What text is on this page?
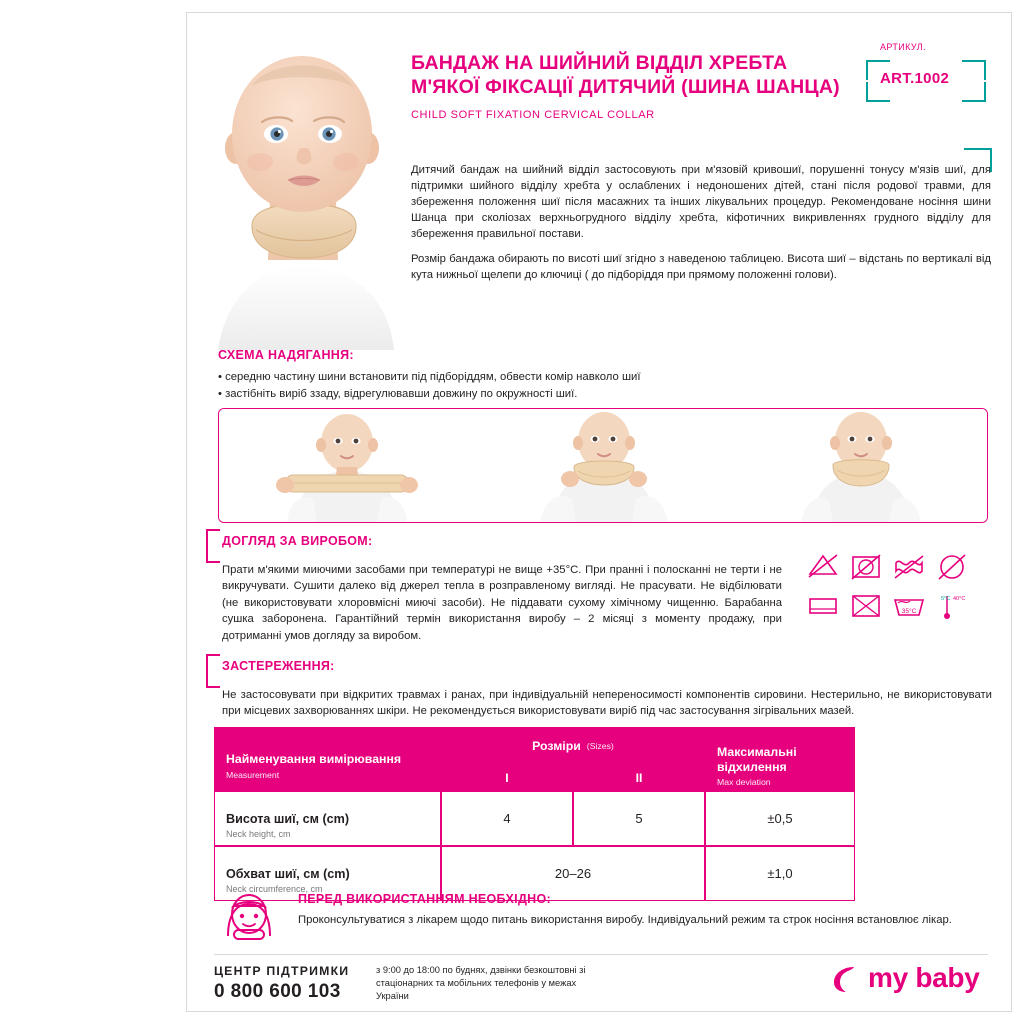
БАНДАЖ НА ШИЙНИЙ ВІДДІЛ ХРЕБТА М'ЯКОЇ ФІКСАЦІЇ ДИТЯЧИЙ (ШИНА ШАНЦА)
CHILD SOFT FIXATION CERVICAL COLLAR
АРТИКУЛ.
ART.1002

Дитячий бандаж на шийний відділ застосовують при м'язовій кривошиї, порушенні тонусу м'язів шиї, для підтримки шийного відділу хребта у ослаблених і недоношених дітей, стані після родової травми, для збереження положення шиї після масажних та інших лікувальних процедур. Рекомендоване носіння шини Шанца при сколіозах верхньогрудного відділу хребта, кіфотичних викривленнях грудного відділу для збереження правильної постави.

Розмір бандажа обирають по висоті шиї згідно з наведеною таблицею. Висота шиї – відстань по вертикалі від кута нижньої щелепи до ключиці ( до підборіддя при прямому положенні голови).

СХЕМА НАДЯГАННЯ:
• середню частину шини встановити під підборіддям, обвести комір навколо шиї
• застібніть виріб ззаду, відрегулювавши довжину по окружності шиї.
ДОГЛЯД ЗА ВИРОБОМ:
Прати м'якими миючими засобами при температурі не вище +35°С. При пранні і полосканні не терти і не викручувати. Сушити далеко від джерел тепла в розправленому вигляді. Не прасувати. Не відбілювати (не використовувати хлоровмісні миючі засоби). Не піддавати сухому хімічному чищенню. Барабанна сушка заборонена. Гарантійний термін використання виробу – 2 місяці з моменту продажу, при дотриманні умов догляду за виробом.
35°С
5°С 40°С
ЗАСТЕРЕЖЕННЯ:
Не застосовувати при відкритих травмах і ранах, при індивідуальній непереносимості компонентів сировини. Нестерильно, не використовувати при місцевих захворюваннях шкіри. Не рекомендується використовувати виріб під час застосування зігрівальних мазей.
Найменування вимірювання
Measurement
Розміри (Sizes)
I	II
Максимальні відхилення
Max deviation
Висота шиї, см (cm)
Neck height, cm
4	5	±0,5
Обхват шиї, см (cm)
Neck circumference, cm
20–26	±1,0
ПЕРЕД ВИКОРИСТАННЯМ НЕОБХІДНО:
Проконсультуватися з лікарем щодо питань використання виробу. Індивідуальний режим та строк носіння встановлює лікар.
ЦЕНТР ПІДТРИМКИ
0 800 600 103
з 9:00 до 18:00 по буднях, дзвінки безкоштовні зі стаціонарних та мобільних телефонів у межах України
my baby
